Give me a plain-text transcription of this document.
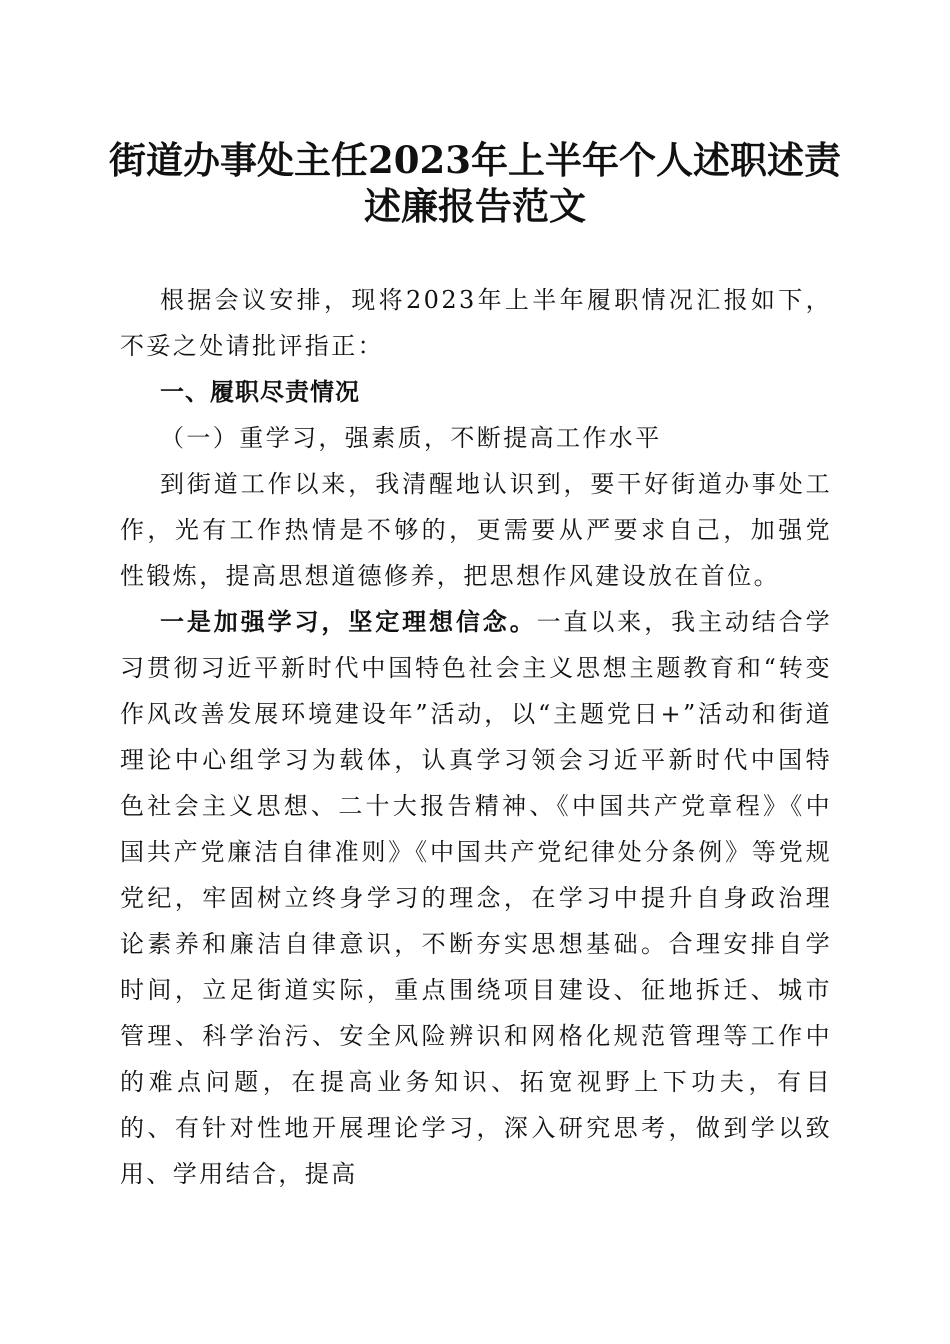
街道办事处主任2023年上半年个人述职述责
述廉报告范文

根据会议安排，现将2023年上半年履职情况汇报如下，不妥之处请批评指正：

一、履职尽责情况

（一）重学习，强素质，不断提高工作水平

到街道工作以来，我清醒地认识到，要干好街道办事处工作，光有工作热情是不够的，更需要从严要求自己，加强党性锻炼，提高思想道德修养，把思想作风建设放在首位。

一是加强学习，坚定理想信念。一直以来，我主动结合学习贯彻习近平新时代中国特色社会主义思想主题教育和“转变作风改善发展环境建设年”活动，以“主题党日+”活动和街道理论中心组学习为载体，认真学习领会习近平新时代中国特色社会主义思想、二十大报告精神、《中国共产党章程》《中国共产党廉洁自律准则》《中国共产党纪律处分条例》等党规党纪，牢固树立终身学习的理念，在学习中提升自身政治理论素养和廉洁自律意识，不断夯实思想基础。合理安排自学时间，立足街道实际，重点围绕项目建设、征地拆迁、城市管理、科学治污、安全风险辨识和网格化规范管理等工作中的难点问题，在提高业务知识、拓宽视野上下功夫，有目的、有针对性地开展理论学习，深入研究思考，做到学以致用、学用结合，提高
